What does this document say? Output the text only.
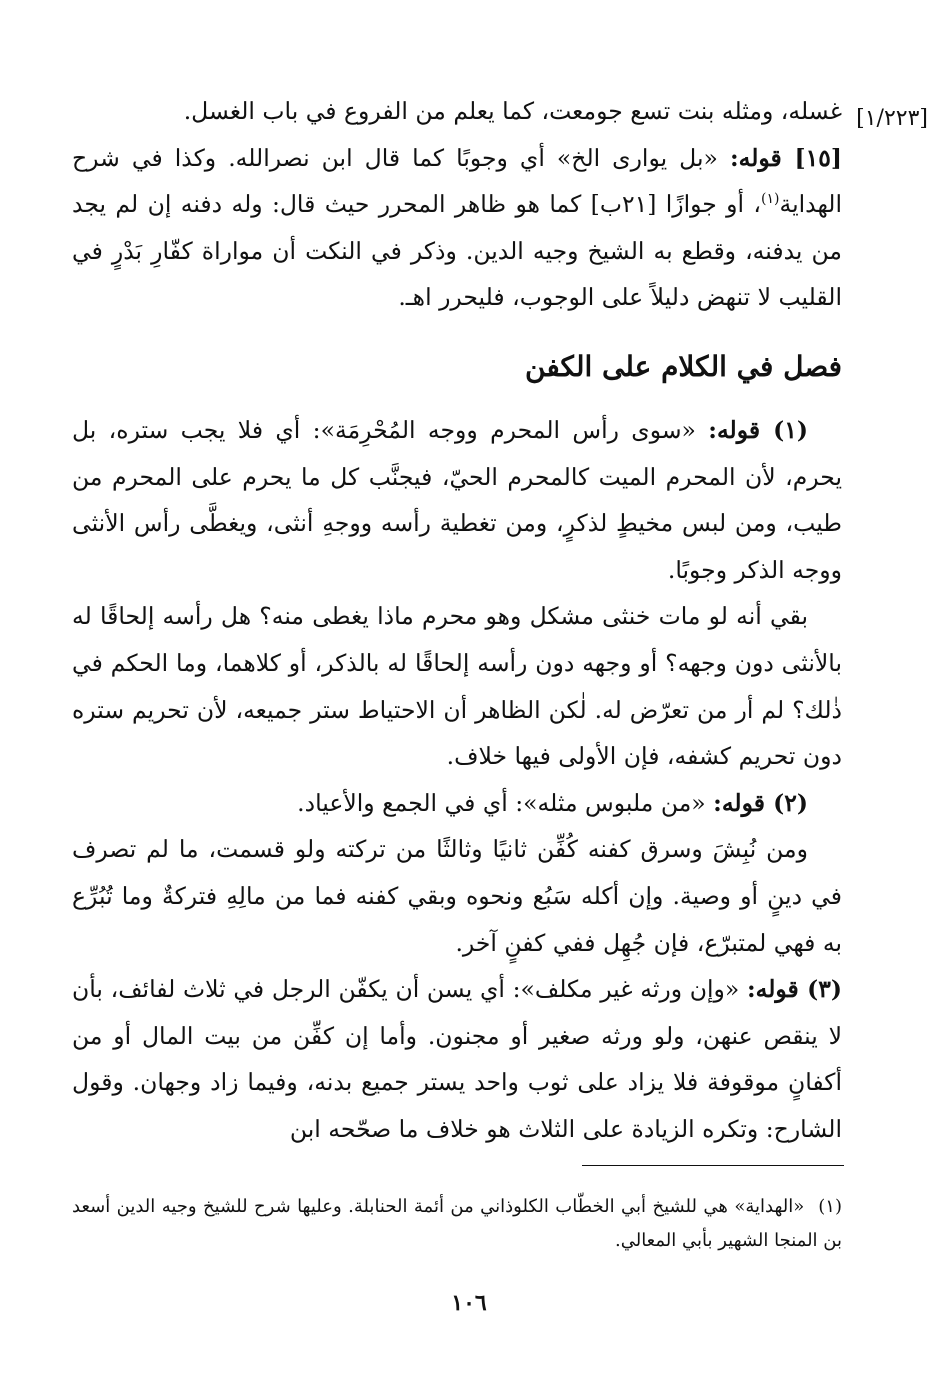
[١/٢٢٣]

غسله، ومثله بنت تسع جومعت، كما يعلم من الفروع في باب الغسل.

[١٥] قوله: «بل يوارى الخ» أي وجوبًا كما قال ابن نصرالله. وكذا في شرح الهداية$^{(١)}$، أو جوازًا [٢١ب] كما هو ظاهر المحرر حيث قال: وله دفنه إن لم يجد من يدفنه، وقطع به الشيخ وجيه الدين. وذكر في النكت أن مواراة كفّارِ بَدْرٍ في القليب لا تنهض دليلاً على الوجوب، فليحرر اهـ.

فصل في الكلام على الكفن

(١) قوله: «سوى رأس المحرم ووجه المُحْرِمَة»: أي فلا يجب ستره، بل يحرم، لأن المحرم الميت كالمحرم الحيّ، فيجنَّب كل ما يحرم على المحرم من طيب، ومن لبس مخيطٍ لذكرٍ، ومن تغطية رأسه ووجهِ أنثى، ويغطَّى رأس الأنثى ووجه الذكر وجوبًا.

بقي أنه لو مات خنثى مشكل وهو محرم ماذا يغطى منه؟ هل رأسه إلحاقًا له بالأنثى دون وجهه؟ أو وجهه دون رأسه إلحاقًا له بالذكر، أو كلاهما، وما الحكم في ذٰلك؟ لم أر من تعرّض له. لٰكن الظاهر أن الاحتياط ستر جميعه، لأن تحريم ستره دون تحريم كشفه، فإن الأولى فيها خلاف.

(٢) قوله: «من ملبوس مثله»: أي في الجمع والأعياد.

ومن نُبِشَ وسرق كفنه كُفِّن ثانيًا وثالثًا من تركته ولو قسمت، ما لم تصرف في دينٍ أو وصية. وإن أكله سَبُع ونحوه وبقي كفنه فما من مالِهِ فتركةٌ وما تُبُرِّع به فهي لمتبرّع، فإن جُهِل ففي كفنٍ آخر.

(٣) قوله: «وإن ورثه غير مكلف»: أي يسن أن يكفّن الرجل في ثلاث لفائف، بأن لا ينقص عنهن، ولو ورثه صغير أو مجنون. وأما إن كفِّن من بيت المال أو من أكفانٍ موقوفة فلا يزاد على ثوب واحد يستر جميع بدنه، وفيما زاد وجهان. وقول الشارح: وتكره الزيادة على الثلاث هو خلاف ما صحّحه ابن

(١)«الهداية» هي للشيخ أبي الخطّاب الكلوذاني من أئمة الحنابلة. وعليها شرح للشيخ وجيه الدين أسعد بن المنجا الشهير بأبي المعالي.
١٠٦
